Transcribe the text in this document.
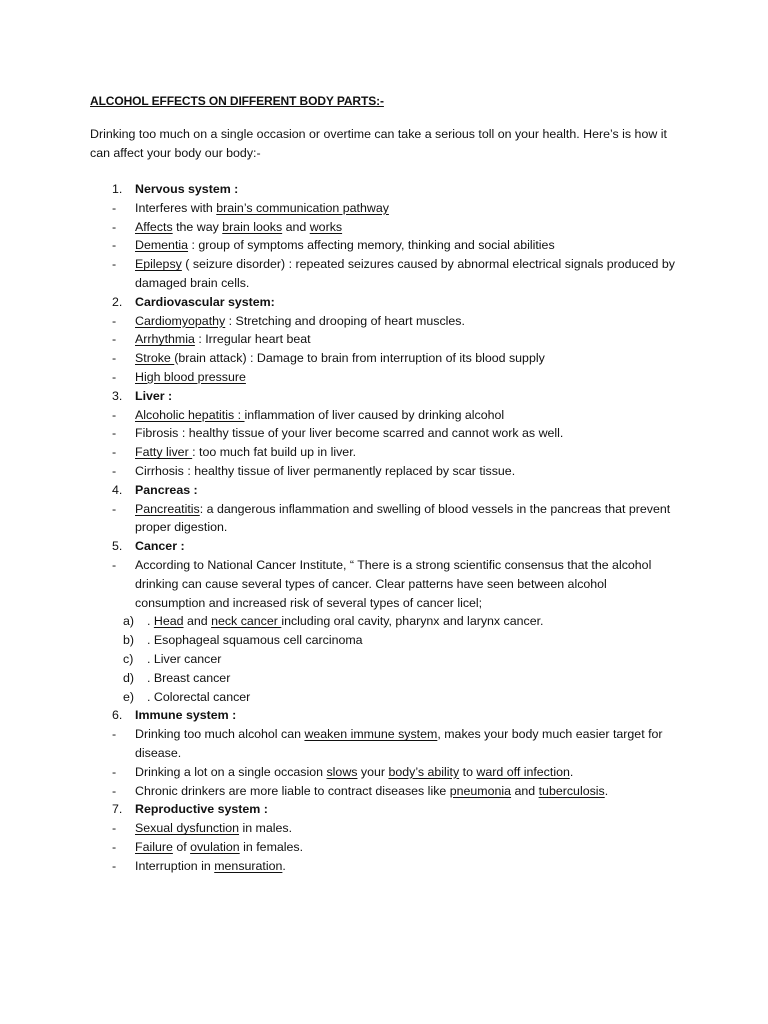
ALCOHOL EFFECTS ON DIFFERENT BODY PARTS:-
Drinking too much on a single occasion or overtime can take a serious toll on your health. Here’s is how it can affect your body our body:-
1. Nervous system :
- Interferes with brain’s communication pathway
- Affects the way brain looks and works
- Dementia : group of symptoms affecting memory, thinking and social abilities
- Epilepsy ( seizure disorder) : repeated seizures caused by abnormal electrical signals produced by damaged brain cells.
2. Cardiovascular system:
- Cardiomyopathy : Stretching and drooping of heart muscles.
- Arrhythmia : Irregular heart beat
- Stroke (brain attack) : Damage to brain from interruption of its blood supply
- High blood pressure
3. Liver :
- Alcoholic hepatitis : inflammation of liver caused by drinking alcohol
- Fibrosis : healthy tissue of your liver become scarred and cannot work as well.
- Fatty liver : too much fat build up in liver.
- Cirrhosis : healthy tissue of liver permanently replaced by scar tissue.
4. Pancreas :
- Pancreatitis: a dangerous inflammation and swelling of blood vessels in the pancreas that prevent proper digestion.
5. Cancer :
- According to National Cancer Institute, “ There is a strong scientific consensus that the alcohol drinking can cause several types of cancer. Clear patterns have seen between alcohol consumption and increased risk of several types of cancer licel;
a) . Head and neck cancer including oral cavity, pharynx and larynx cancer.
b) . Esophageal squamous cell carcinoma
c) . Liver cancer
d) . Breast cancer
e) . Colorectal cancer
6. Immune system :
- Drinking too much alcohol can weaken immune system, makes your body much easier target for disease.
- Drinking a lot on a single occasion slows your body’s ability to ward off infection.
- Chronic drinkers are more liable to contract diseases like pneumonia and tuberculosis.
7. Reproductive system :
- Sexual dysfunction in males.
- Failure of ovulation in females.
- Interruption in mensuration.
